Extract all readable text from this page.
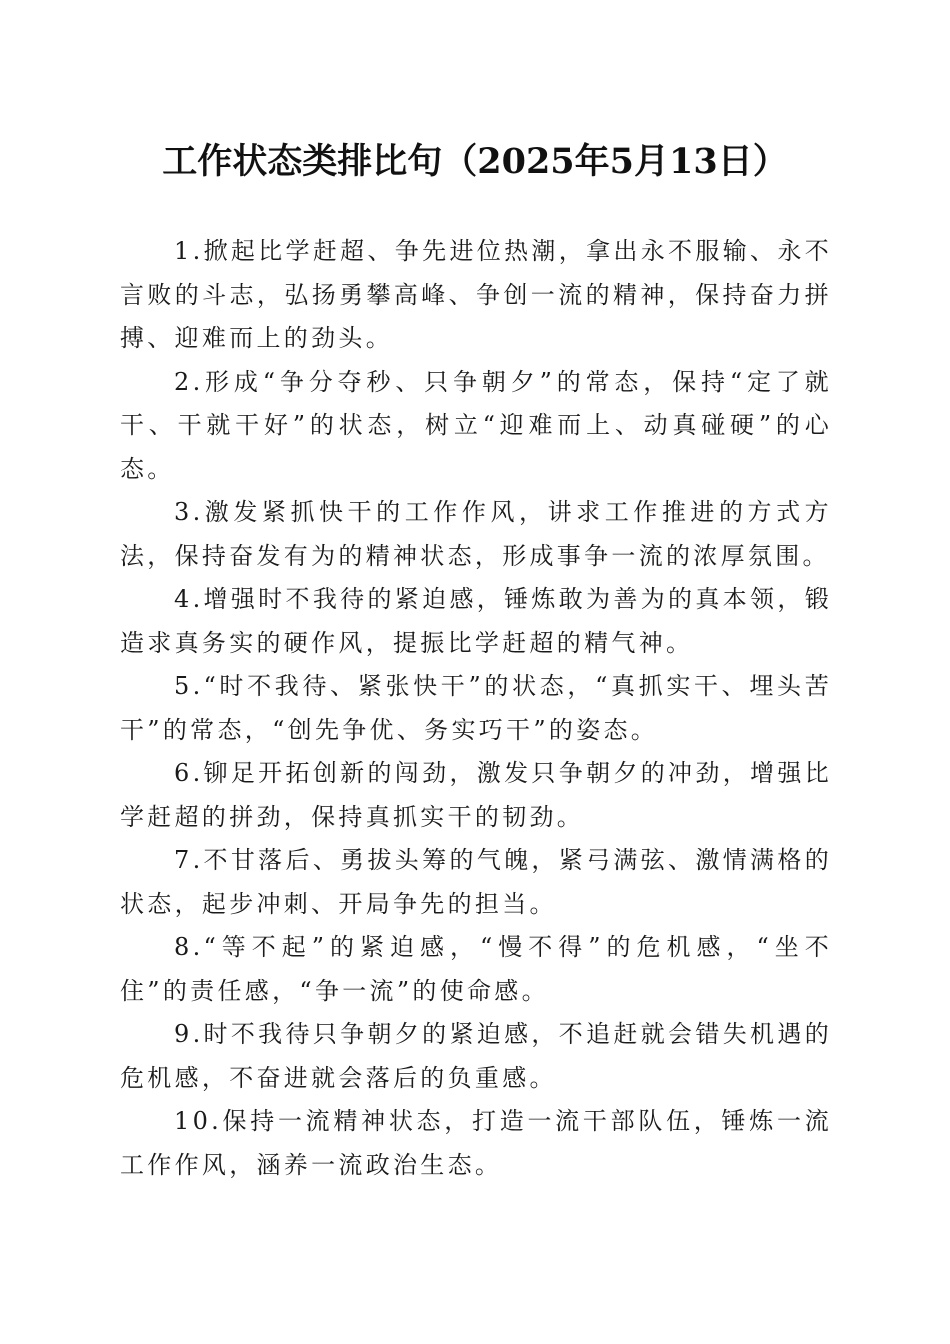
工作状态类排比句（2025年5月13日）

1.掀起比学赶超、争先进位热潮，拿出永不服输、永不言败的斗志，弘扬勇攀高峰、争创一流的精神，保持奋力拼搏、迎难而上的劲头。

2.形成“争分夺秒、只争朝夕”的常态，保持“定了就干、干就干好”的状态，树立“迎难而上、动真碰硬”的心态。

3.激发紧抓快干的工作作风，讲求工作推进的方式方法，保持奋发有为的精神状态，形成事争一流的浓厚氛围。

4.增强时不我待的紧迫感，锤炼敢为善为的真本领，锻造求真务实的硬作风，提振比学赶超的精气神。

5.“时不我待、紧张快干”的状态，“真抓实干、埋头苦干”的常态，“创先争优、务实巧干”的姿态。

6.铆足开拓创新的闯劲，激发只争朝夕的冲劲，增强比学赶超的拼劲，保持真抓实干的韧劲。

7.不甘落后、勇拔头筹的气魄，紧弓满弦、激情满格的状态，起步冲刺、开局争先的担当。

8.“等不起”的紧迫感，“慢不得”的危机感，“坐不住”的责任感，“争一流”的使命感。

9.时不我待只争朝夕的紧迫感，不追赶就会错失机遇的危机感，不奋进就会落后的负重感。

10.保持一流精神状态，打造一流干部队伍，锤炼一流工作作风，涵养一流政治生态。
